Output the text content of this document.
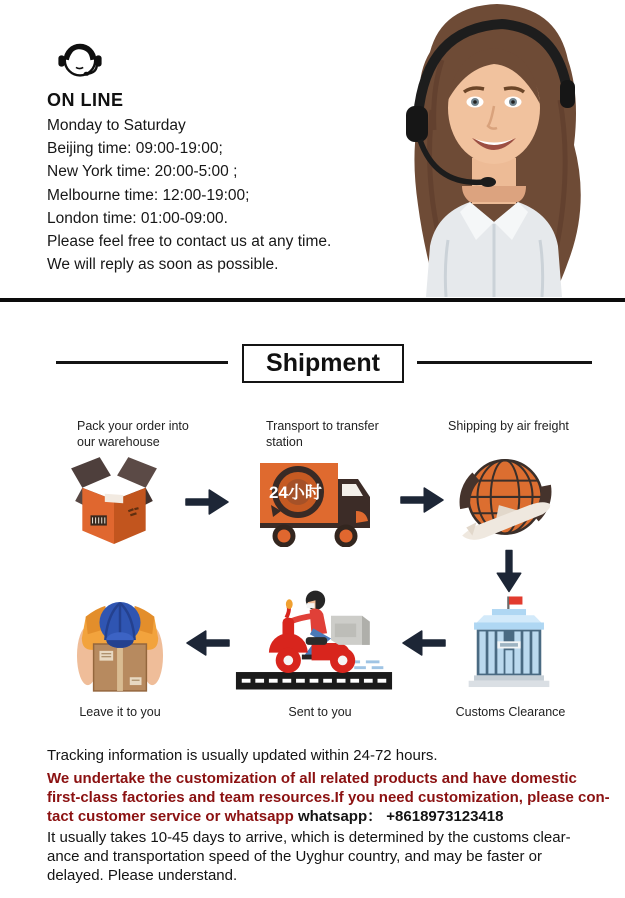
ON LINE
Monday to Saturday
Beijing time: 09:00-19:00;
New York time: 20:00-5:00 ;
Melbourne time: 12:00-19:00;
London time: 01:00-09:00.
Please feel free to contact us at any time.
We will reply as soon as possible.
Shipment
Pack your order into
our warehouse
Transport to transfer
station
Shipping by air freight
24小时
Leave it to you	Sent to you	Customs Clearance
Tracking information is usually updated within 24-72 hours.
We undertake the customization of all related products and have domestic
first-class factories and team resources.If you need customization, please con-
tact customer service or whatsapp whatsapp： +8618973123418
It usually takes 10-45 days to arrive, which is determined by the customs clear-
ance and transportation speed of the Uyghur country, and may be faster or
delayed. Please understand.
